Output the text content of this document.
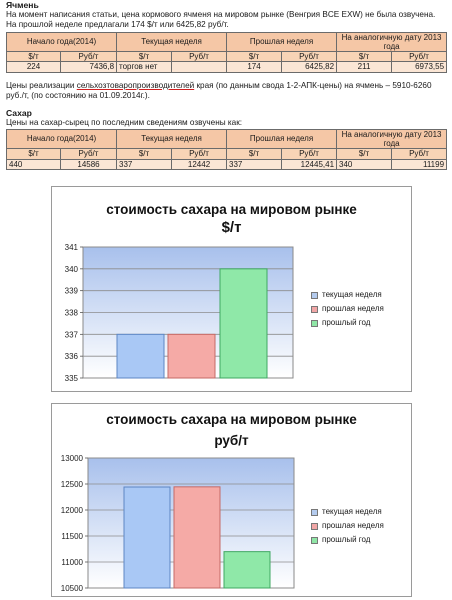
Ячмень

На момент написания статьи, цена кормового ячменя на мировом рынке (Венгрия BCE EXW) не была озвучена.

На прошлой неделе предлагали 174 $/т или 6425,82 руб/т.

Начало года(2014)		Текущая неделя		Прошлая неделя		На аналогичную дату 2013 года	
$/т	Руб/т	$/т	Руб/т	$/т	Руб/т	$/т	Руб/т
224	7436,8	торгов нет		174	6425,82	211	6973,55

Цены реализации сельхозтоваропроизводителей края (по данным свода 1-2-АПК-цены) на ячмень – 5910-6260 руб./т, (по состоянию на 01.09.2014г.).

Сахар

Цены на сахар-сырец по последним сведениям озвучены как:

Начало года(2014)		Текущая неделя		Прошлая неделя		На аналогичную дату 2013 года	
$/т	Руб/т	$/т	Руб/т	$/т	Руб/т	$/т	Руб/т
440	14586	337	12442	337	12445,41	340	11199
стоимость сахара на мировом рынке
$/т
335
336
337
338
339
340
341
текущая неделя
прошлая неделя
прошлый год
стоимость сахара на мировом рынке
руб/т
10500
11000
11500
12000
12500
13000
текущая неделя
прошлая неделя
прошлый год
